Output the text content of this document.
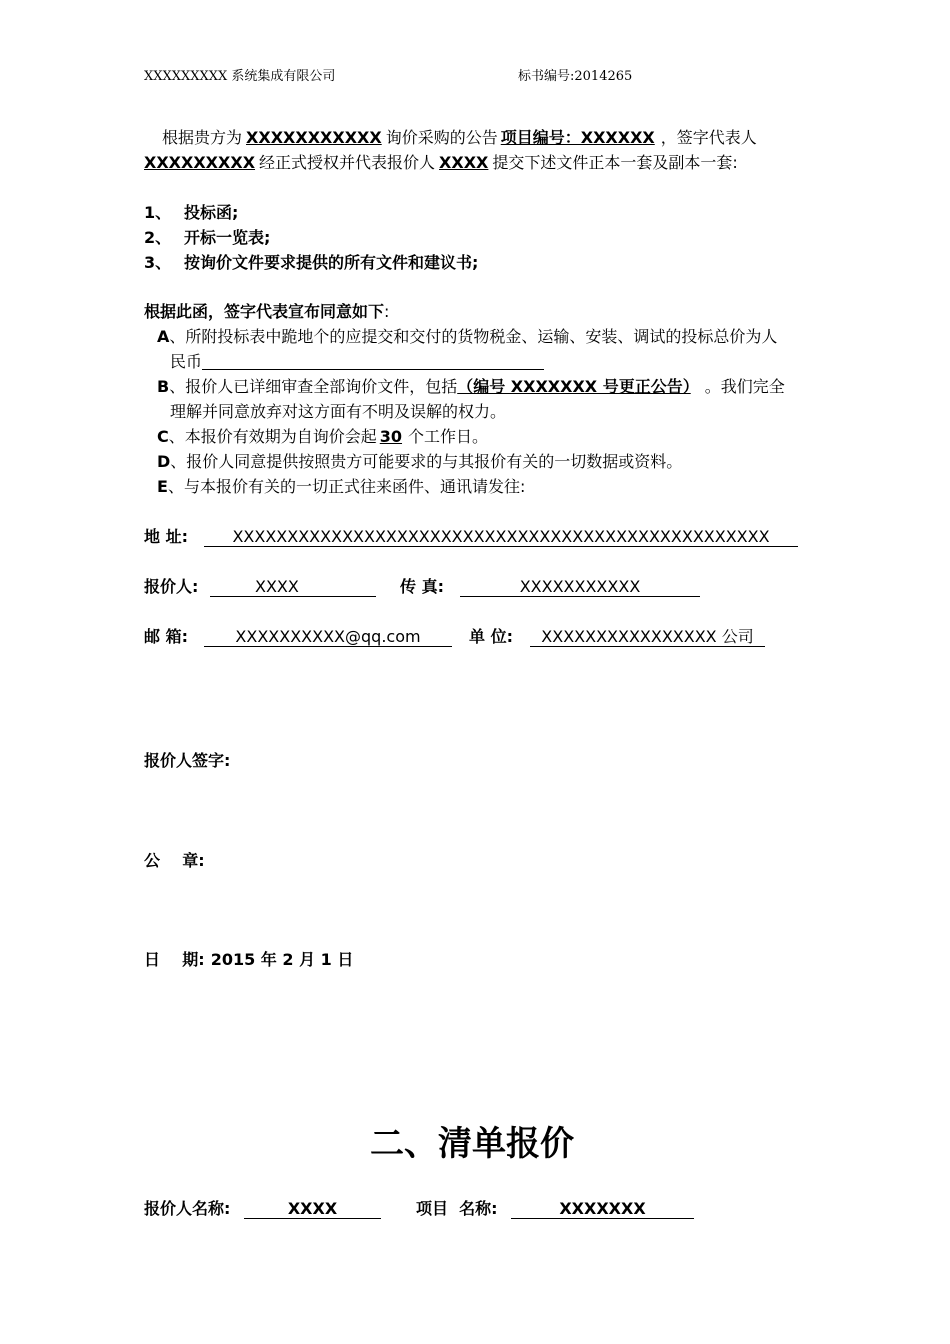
XXXXXXXXX 系统集成有限公司	标书编号:2014265
根据贵方为 XXXXXXXXXXX 询价采购的公告 项目编号：XXXXXX ，签字代表人
XXXXXXXXX 经正式授权并代表报价人 XXXX 提交下述文件正本一套及副本一套:
1、 投标函;
2、 开标一览表;
3、 按询价文件要求提供的所有文件和建议书;
根据此函，签字代表宣布同意如下:
A、所附投标表中跪地个的应提交和交付的货物税金、运输、安装、调试的投标总价为人
民币
B、报价人已详细审查全部询价文件，包括（编号 XXXXXXX 号更正公告） 。我们完全
理解并同意放弃对这方面有不明及误解的权力。
C、本报价有效期为自询价会起 30 个工作日。
D、报价人同意提供按照贵方可能要求的与其报价有关的一切数据或资料。
E、与本报价有关的一切正式往来函件、通讯请发往:
地 址:	XXXXXXXXXXXXXXXXXXXXXXXXXXXXXXXXXXXXXXXXXXXXXXXXX
报价人:	XXXX	传 真:	XXXXXXXXXXX
邮 箱:	XXXXXXXXXX@qq.com	单 位: XXXXXXXXXXXXXXXX 公司
报价人签字:
公    章:
日    期: 2015 年 2 月 1 日
二、清单报价
报价人名称:	XXXX	项目  名称:	XXXXXXX
